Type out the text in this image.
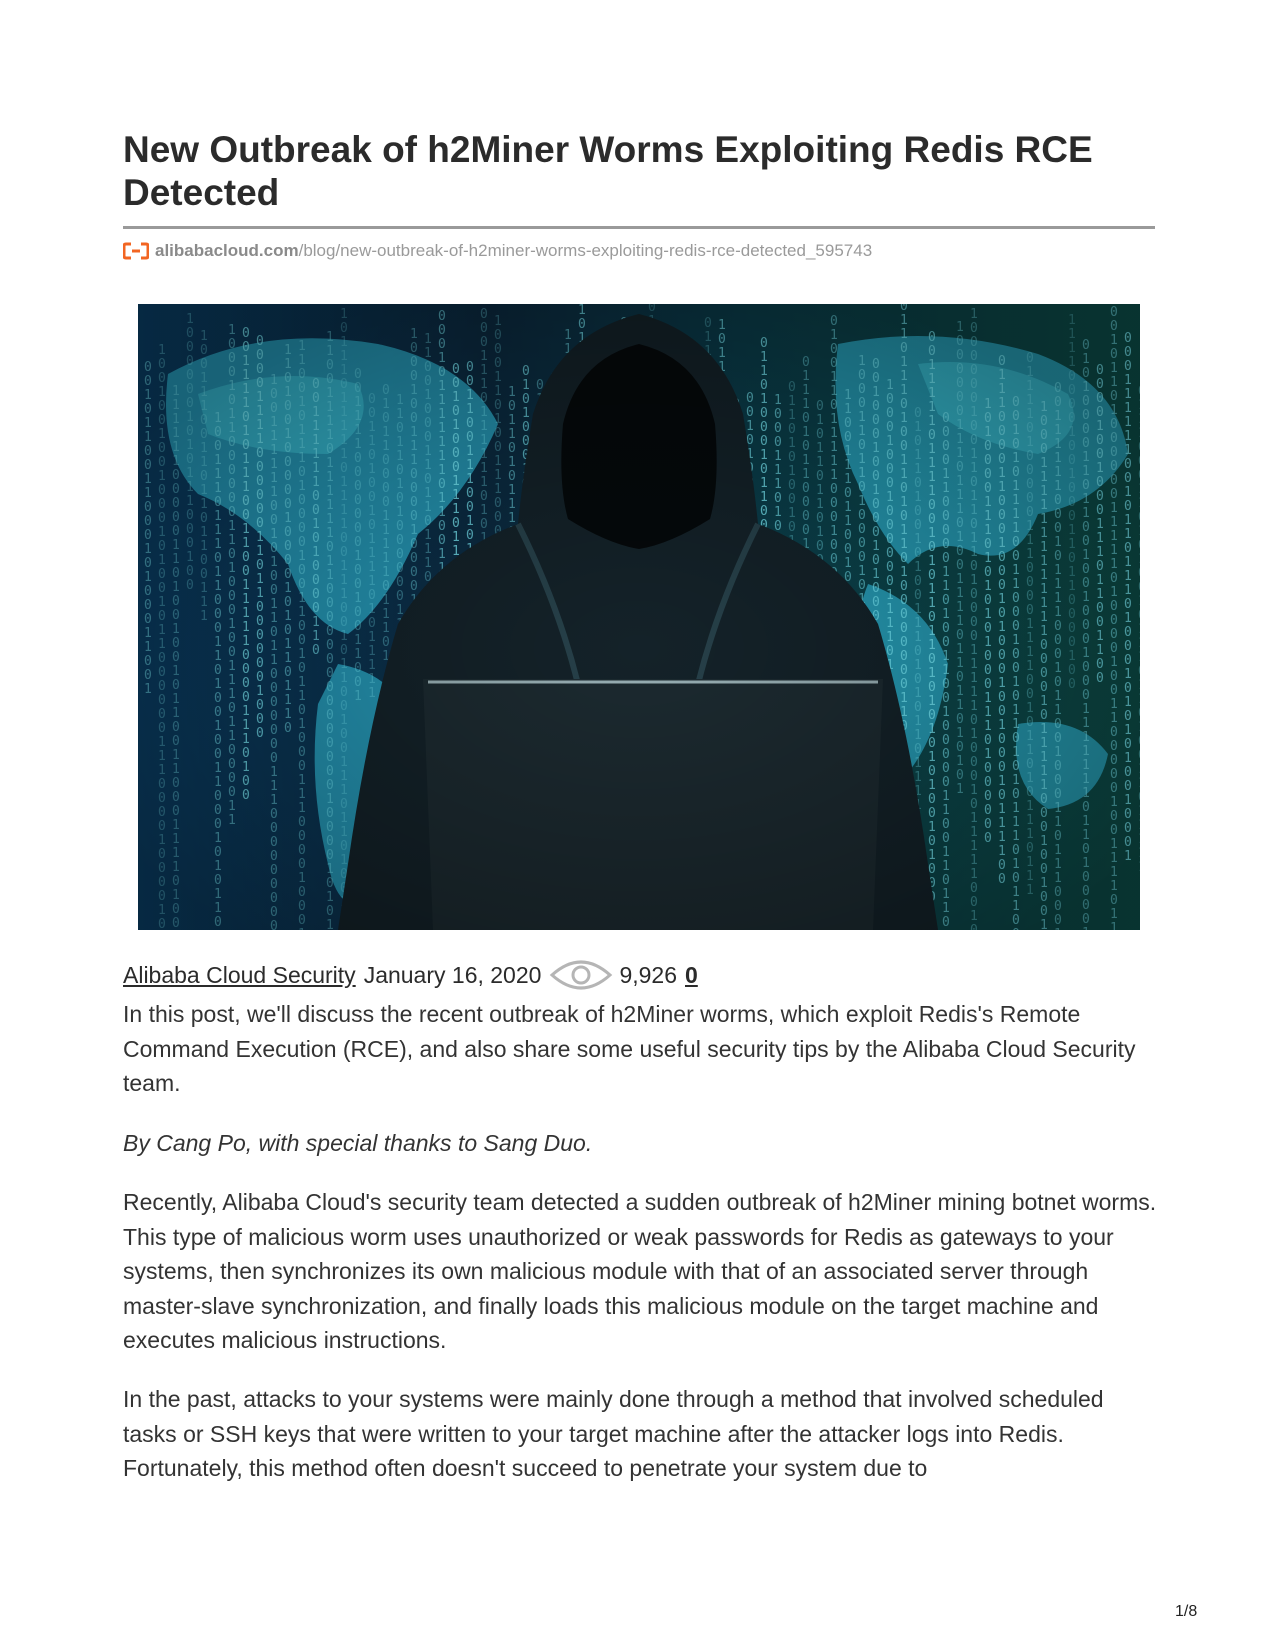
New Outbreak of h2Miner Worms Exploiting Redis RCE Detected
alibabacloud.com /blog/new-outbreak-of-h2miner-worms-exploiting-redis-rce-detected_595743
Alibaba Cloud Security January 16, 2020	9,926 0

In this post, we'll discuss the recent outbreak of h2Miner worms, which exploit Redis's Remote Command Execution (RCE), and also share some useful security tips by the Alibaba Cloud Security team.

By Cang Po, with special thanks to Sang Duo.

Recently, Alibaba Cloud's security team detected a sudden outbreak of h2Miner mining botnet worms. This type of malicious worm uses unauthorized or weak passwords for Redis as gateways to your systems, then synchronizes its own malicious module with that of an associated server through master-slave synchronization, and finally loads this malicious module on the target machine and executes malicious instructions.

In the past, attacks to your systems were mainly done through a method that involved scheduled tasks or SSH keys that were written to your target machine after the attacker logs into Redis. Fortunately, this method often doesn't succeed to penetrate your system due to

1/8
